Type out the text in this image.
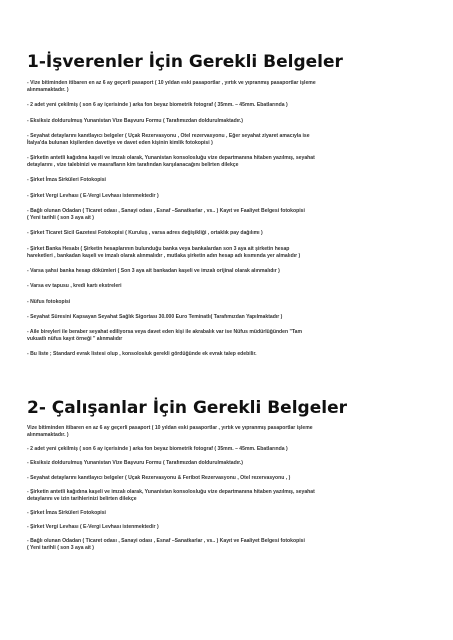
1-İşverenler İçin Gerekli Belgeler
- Vize bitiminden itibaren en az 6 ay geçerli pasaport ( 10 yıldan eski pasaportlar , yırtık ve yıpranmış pasaportlar işleme
alınmamaktadır. )
- 2 adet yeni çekilmiş ( son 6 ay içerisinde ) arka fon beyaz biometrik fotograf ( 35mm. – 45mm. Ebatlarında )
- Eksiksiz doldurulmuş Yunanistan Vize Başvuru Formu ( Tarafımızdan doldurulmaktadır.)
- Seyahat detaylarını kanıtlayıcı belgeler ( Uçak Rezervasyonu , Otel rezervasyonu , Eğer seyahat ziyaret amacıyla ise
İtalya'da bulunan kişilerden davetiye ve davet eden kişinin kimlik fotokopisi )
- Şirketin antetli kağıdına kaşeli ve imzalı olarak, Yunanistan konsolosluğu vize departmanına hitaben yazılmış, seyahat
detaylarını , vize talebinizi ve masrafların kim tarafından karşılanacağını belirten dilekçe
- Şirket İmza Sirküleri Fotokopisi
- Şirket Vergi Levhası ( E-Vergi Levhası istenmektedir )
- Bağlı olunan Odadan ( Ticaret odası , Sanayi odası , Esnaf –Sanatkarlar , vs.. ) Kayıt ve Faaliyet Belgesi fotokopisi
( Yeni tarihli ( son 3 aya ait )
- Şirket Ticaret Sicil Gazetesi Fotokopisi ( Kuruluş , varsa adres değişikliği , ortaklık pay dağılımı )
- Şirket Banka Hesabı ( Şirketin hesaplarının bulunduğu banka veya bankalardan son 3 aya ait şirketin hesap
hareketleri , bankadan kaşeli ve imzalı olarak alınmalıdır , mutlaka şirketin adın hesap adı kısmında yer almalıdır )
- Varsa şahsi banka hesap dökümleri ( Son 3 aya ait bankadan kaşeli ve imzalı orijinal olarak alınmalıdır )
- Varsa ev tapusu , kredi kartı ekstreleri
- Nüfus fotokopisi
- Seyahat Süresini Kapsayan Seyahat Sağlık Sigortası 30.000 Euro Teminatlı( Tarafımızdan Yapılmaktadır )
- Aile bireyleri ile beraber seyahat ediliyorsa veya davet eden kişi ile akrabalık var ise Nüfus müdürlüğünden "Tam
vukuatlı nüfus kayıt örneği " alınmalıdır
- Bu liste ; Standard evrak listesi olup , konsolosluk gerekli gördüğünde ek evrak talep edebilir.
2- Çalışanlar İçin Gerekli Belgeler
Vize bitiminden itibaren en az 6 ay geçerli pasaport ( 10 yıldan eski pasaportlar , yırtık ve yıpranmış pasaportlar işleme
alınmamaktadır. )
- 2 adet yeni çekilmiş ( son 6 ay içerisinde ) arka fon beyaz biometrik fotograf ( 35mm. – 45mm. Ebatlarında )
- Eksiksiz doldurulmuş Yunanistan Vize Başvuru Formu ( Tarafımızdan doldurulmaktadır.)
- Seyahat detaylarını kanıtlayıcı belgeler ( Uçak Rezervasyonu & Feribot Rezervasyonu , Otel rezervasyonu , )
- Şirketin antetli kağıdına kaşeli ve imzalı olarak, Yunanistan konsolosluğu vize departmanına hitaben yazılmış, seyahat
detaylarını ve izin tarihlerinizi belirten dilekçe
- Şirket İmza Sirküleri Fotokopisi
- Şirket Vergi Levhası ( E-Vergi Levhası istenmektedir )
- Bağlı olunan Odadan ( Ticaret odası , Sanayi odası , Esnaf –Sanatkarlar , vs.. ) Kayıt ve Faaliyet Belgesi fotokopisi
( Yeni tarihli ( son 3 aya ait )
